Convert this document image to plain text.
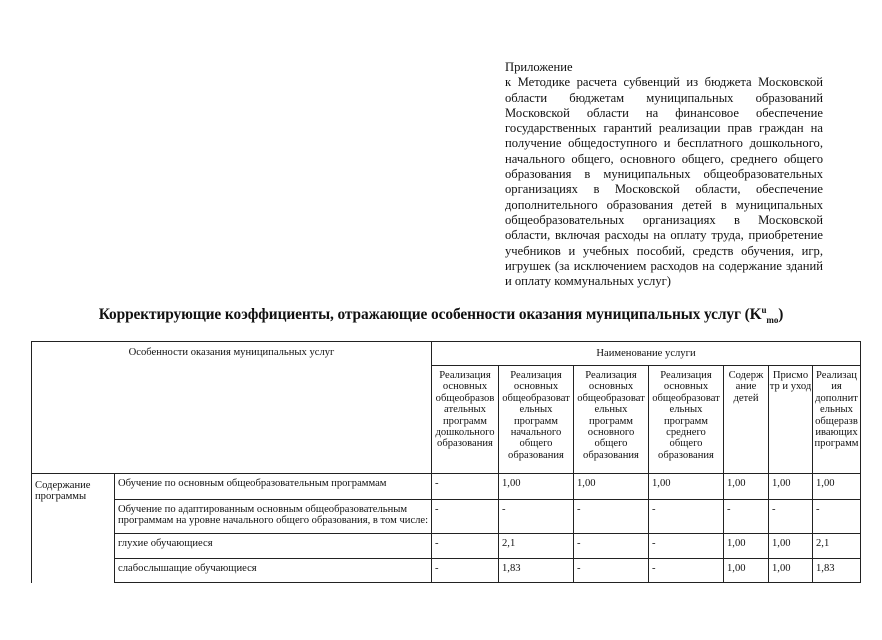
Приложение
к Методике расчета субвенций из бюджета Московской области бюджетам муниципальных образований Московской области на финансовое обеспечение государственных гарантий реализации прав граждан на получение общедоступного и бесплатного дошкольного, начального общего, основного общего, среднего общего образования в муниципальных общеобразовательных организациях в Московской области, обеспечение дополнительного образования детей в муниципальных общеобразовательных организациях в Московской области, включая расходы на оплату труда, приобретение учебников и учебных пособий, средств обучения, игр, игрушек (за исключением расходов на содержание зданий и оплату коммунальных услуг)
Корректирующие коэффициенты, отражающие особенности оказания муниципальных услуг $(K^u_{mo})$
Особенности оказания муниципальных услуг		Наименование услуги						
		Реализация основных общеобразов ательных программ дошкольного образования	Реализация основных общеобразоват ельных программ начального общего образования	Реализация основных общеобразоват ельных программ основного общего образования	Реализация основных общеобразоват ельных программ среднего общего образования	Содерж ание детей	Присмо тр и уход	Реализац ия дополнит ельных общеразв ивающих программ
Содержание программы	Обучение по основным общеобразовательным программам	-	1,00	1,00	1,00	1,00	1,00	1,00
	Обучение по адаптированным основным общеобразовательным программам на уровне начального общего образования, в том числе:	-	-	-	-	-	-	-
	глухие обучающиеся	-	2,1	-	-	1,00	1,00	2,1
	слабослышащие обучающиеся	-	1,83	-	-	1,00	1,00	1,83
